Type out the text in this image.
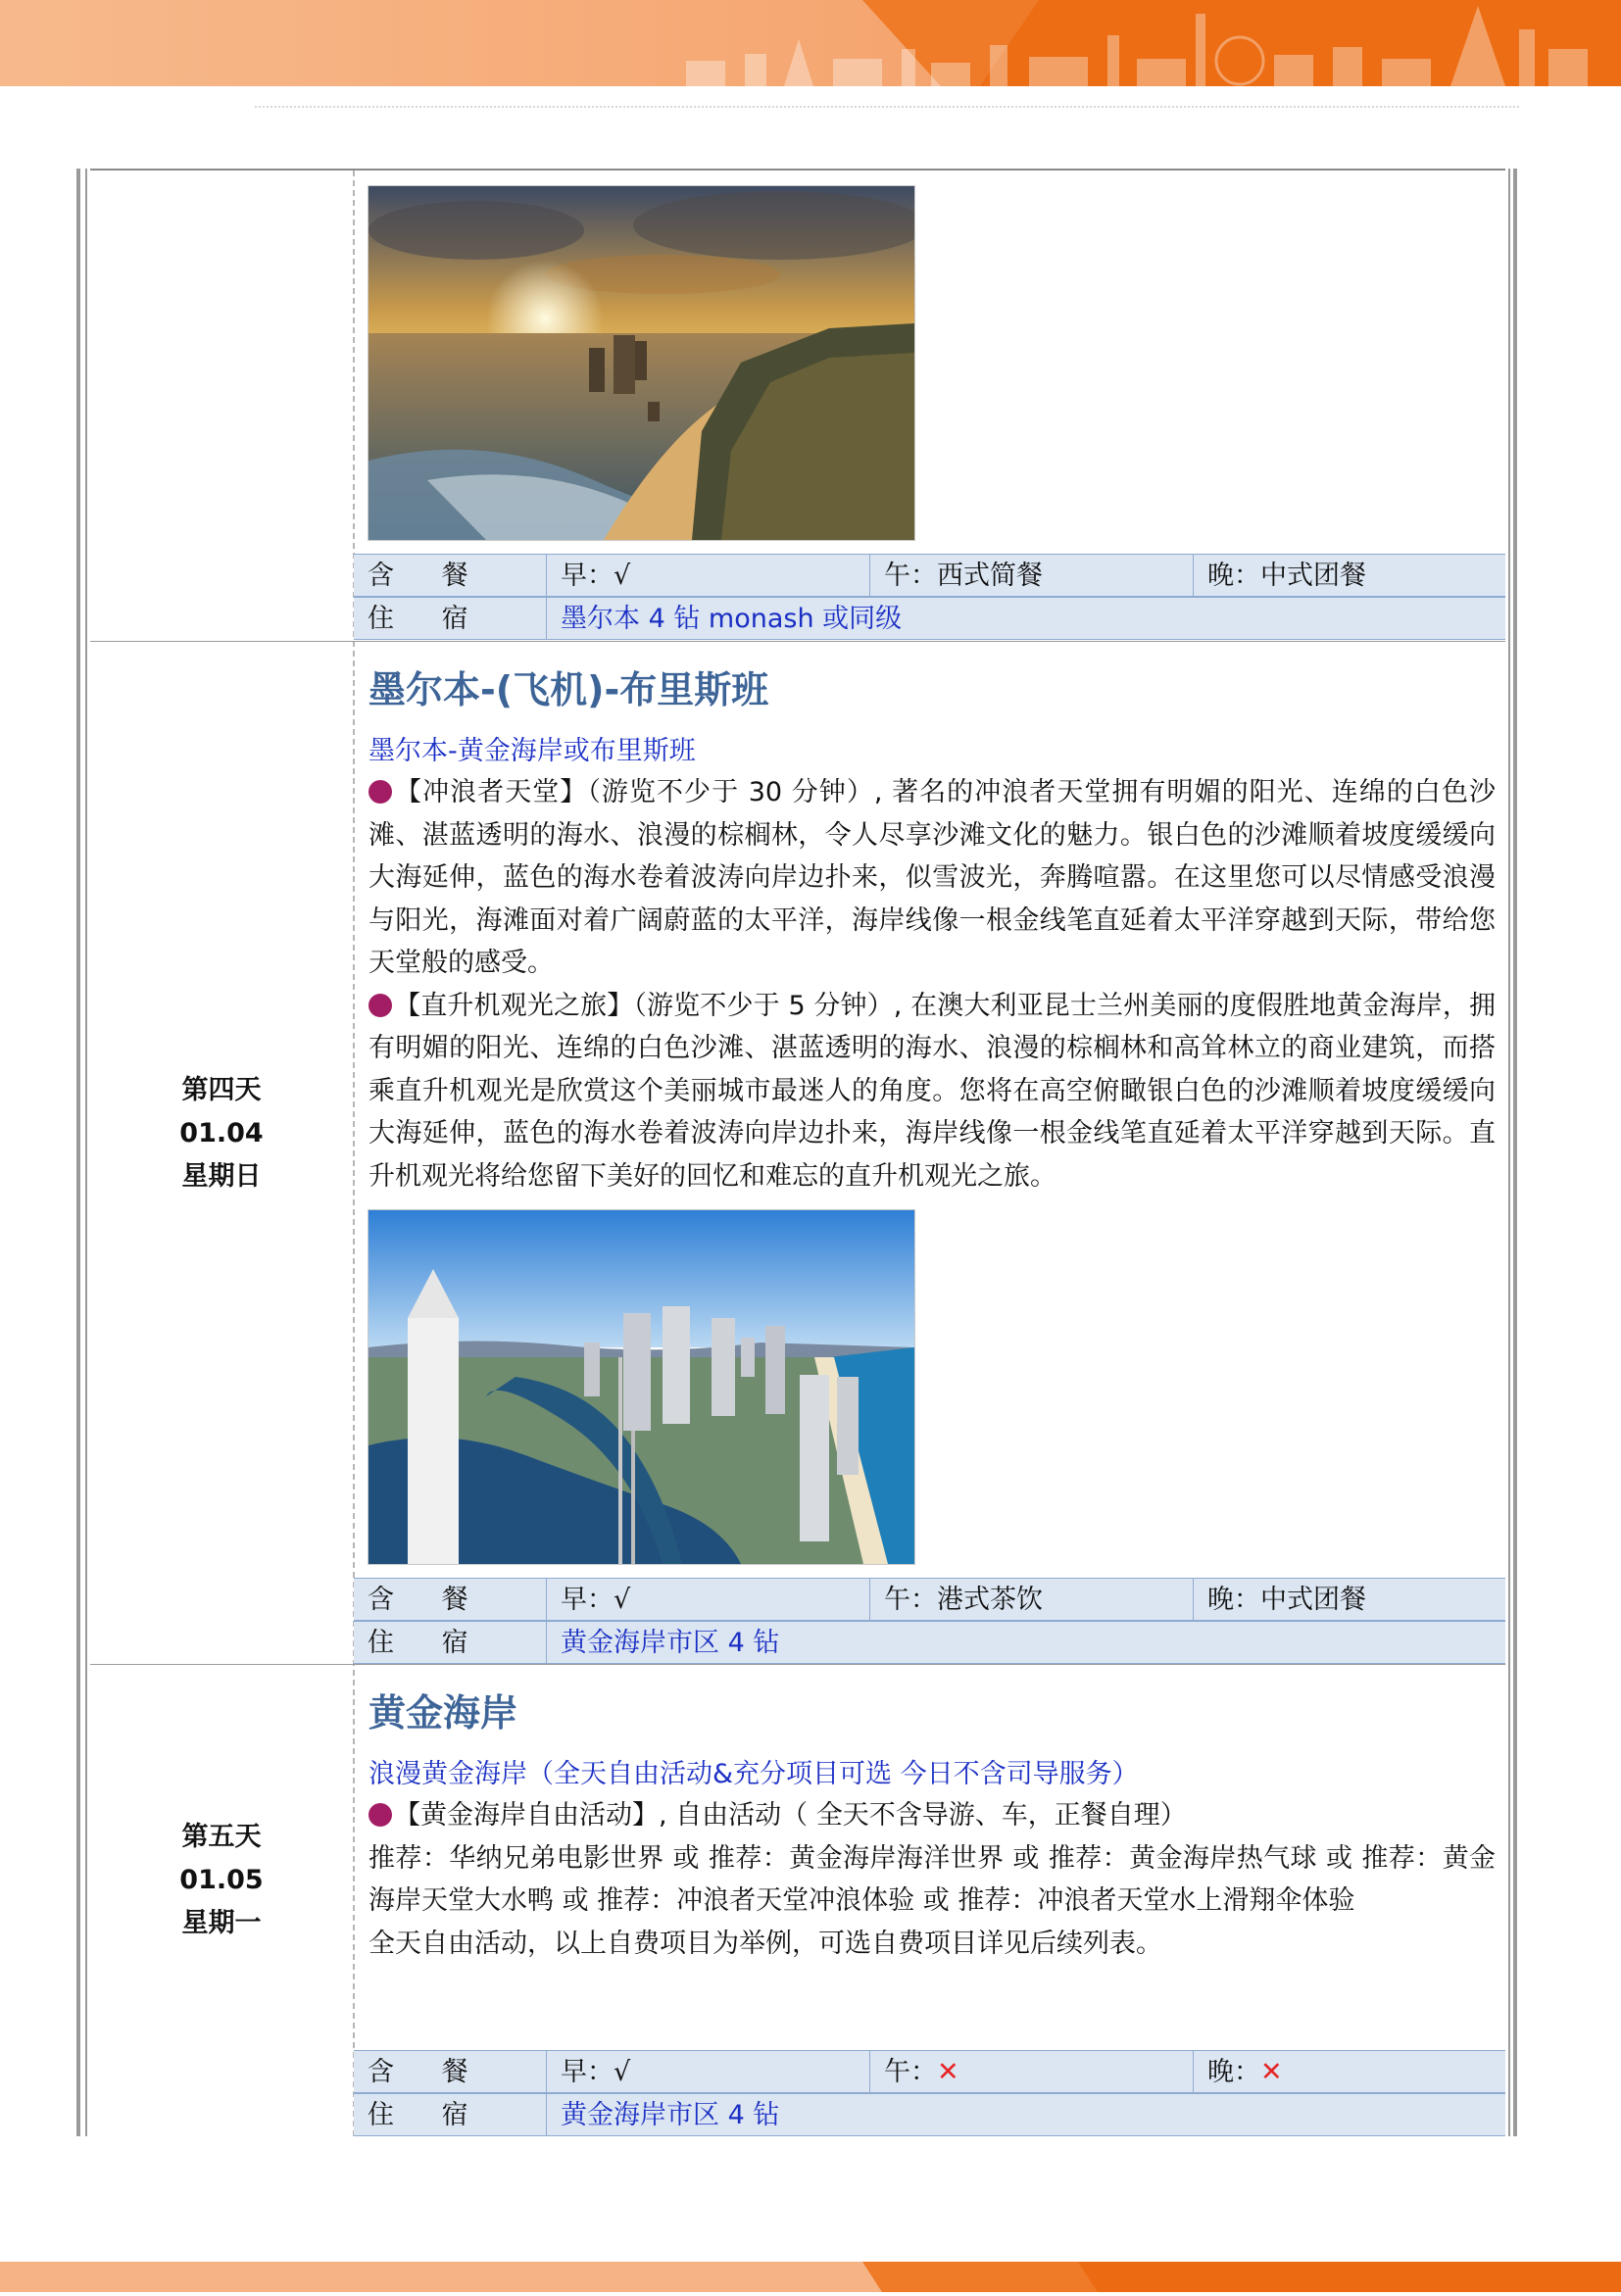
含 餐	早：√	午：西式简餐	晚：中式团餐
住 宿	墨尔本 4 钻 monash 或同级
第四天
01.04
星期日
墨尔本-(飞机)-布里斯班
墨尔本-黄金海岸或布里斯班

【冲浪者天堂】（游览不少于 30 分钟）, 著名的冲浪者天堂拥有明媚的阳光、连绵的白色沙滩、湛蓝透明的海水、浪漫的棕榈林，令人尽享沙滩文化的魅力。银白色的沙滩顺着坡度缓缓向大海延伸，蓝色的海水卷着波涛向岸边扑来，似雪波光，奔腾喧嚣。在这里您可以尽情感受浪漫与阳光，海滩面对着广阔蔚蓝的太平洋，海岸线像一根金线笔直延着太平洋穿越到天际，带给您天堂般的感受。

【直升机观光之旅】（游览不少于 5 分钟）, 在澳大利亚昆士兰州美丽的度假胜地黄金海岸，拥有明媚的阳光、连绵的白色沙滩、湛蓝透明的海水、浪漫的棕榈林和高耸林立的商业建筑，而搭乘直升机观光是欣赏这个美丽城市最迷人的角度。您将在高空俯瞰银白色的沙滩顺着坡度缓缓向大海延伸，蓝色的海水卷着波涛向岸边扑来，海岸线像一根金线笔直延着太平洋穿越到天际。直升机观光将给您留下美好的回忆和难忘的直升机观光之旅。

含 餐	早：√	午：港式茶饮	晚：中式团餐
住 宿	黄金海岸市区 4 钻
第五天
01.05
星期一
黄金海岸
浪漫黄金海岸（全天自由活动&充分项目可选 今日不含司导服务）

【黄金海岸自由活动】, 自由活动（ 全天不含导游、车，正餐自理）

推荐：华纳兄弟电影世界 或 推荐：黄金海岸海洋世界 或 推荐：黄金海岸热气球 或 推荐：黄金海岸天堂大水鸭 或 推荐：冲浪者天堂冲浪体验 或 推荐：冲浪者天堂水上滑翔伞体验

全天自由活动，以上自费项目为举例，可选自费项目详见后续列表。

含 餐	早：√	午：✕	晚：✕
住 宿	黄金海岸市区 4 钻
